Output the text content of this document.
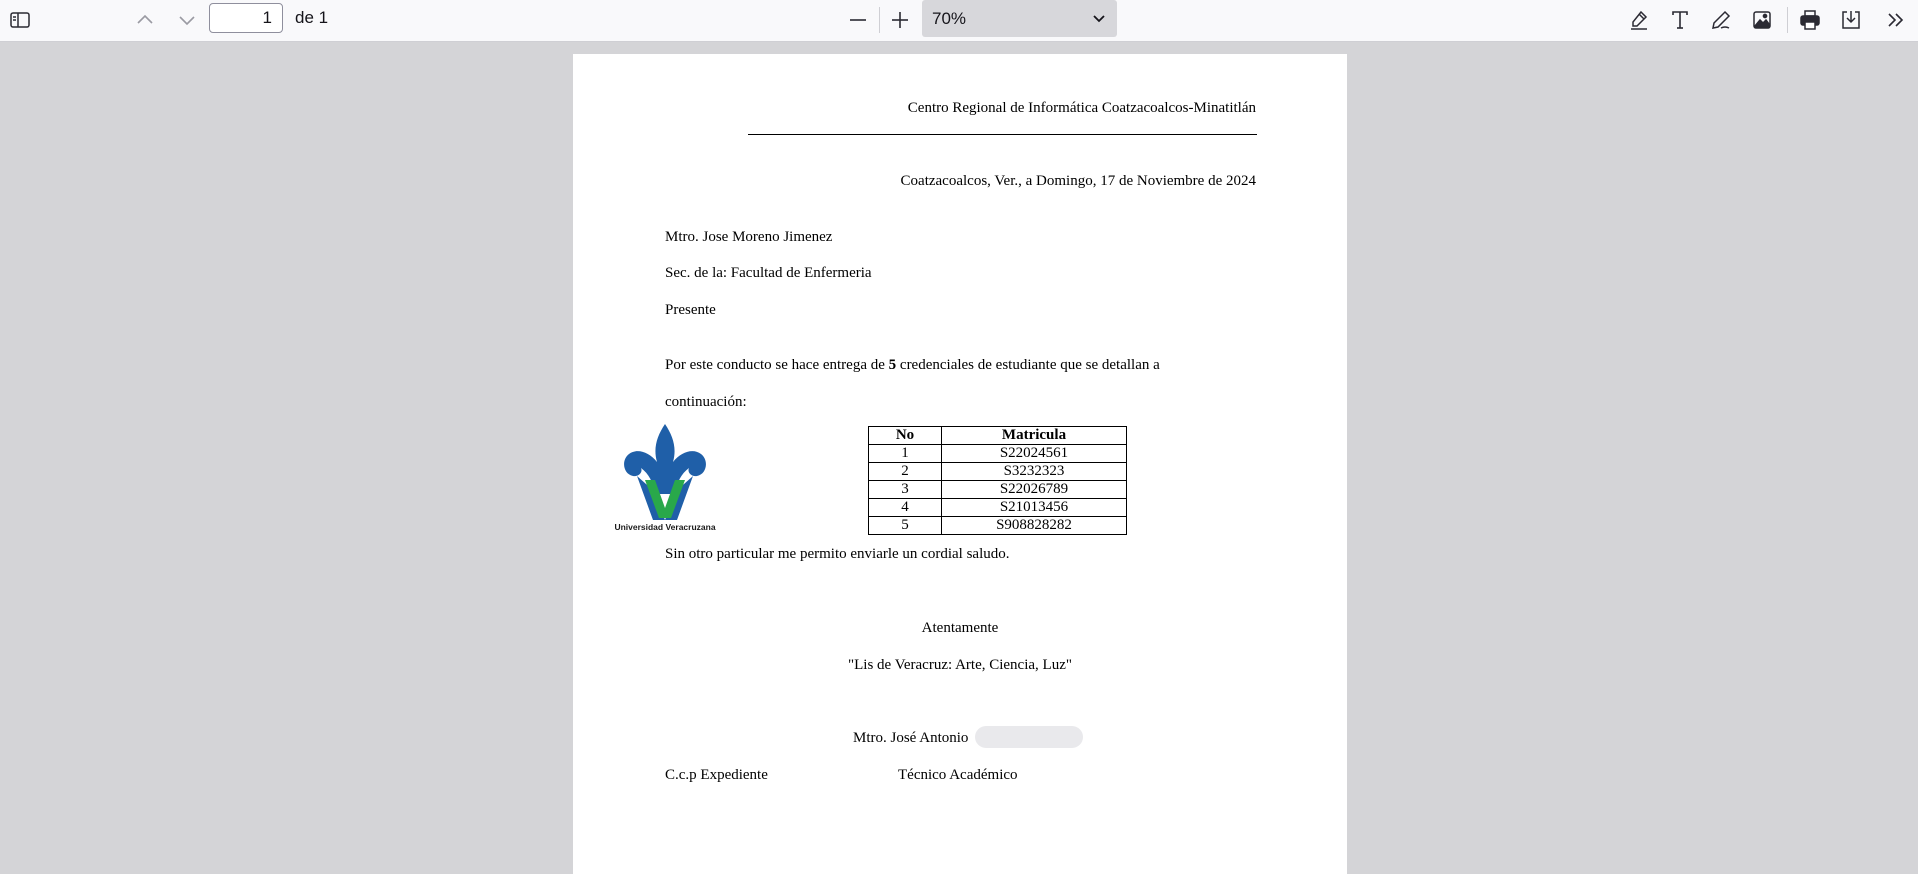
1	de 1	70%
Centro Regional de Informática Coatzacoalcos-Minatitlán
Coatzacoalcos, Ver., a Domingo, 17 de Noviembre de 2024
Mtro. Jose Moreno Jimenez
Sec. de la: Facultad de Enfermeria
Presente
Por este conducto se hace entrega de 5 credenciales de estudiante que se detallan a
continuación:
Universidad Veracruzana
No	Matricula
1	S22024561
2	S3232323
3	S22026789
4	S21013456
5	S908828282
Sin otro particular me permito enviarle un cordial saludo.
Atentamente
"Lis de Veracruz: Arte, Ciencia, Luz"
Mtro. José Antonio
C.c.p Expediente	Técnico Académico
